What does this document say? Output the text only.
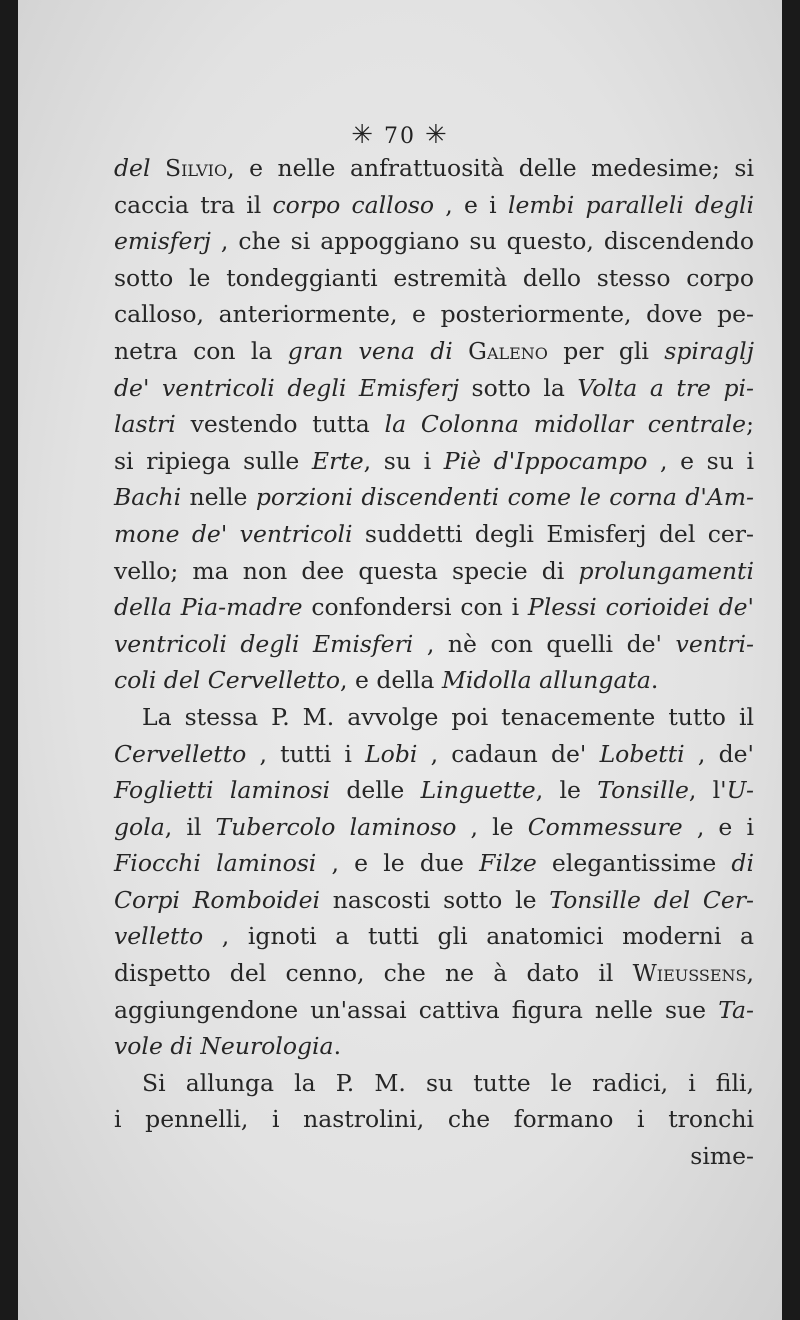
✳ 70 ✳
del Silvio, e nelle anfrattuosità delle medesime; si
caccia tra il corpo calloso , e i lembi paralleli degli
emisferj , che si appoggiano su questo, discendendo
sotto le tondeggianti estremità dello stesso corpo
calloso, anteriormente, e posteriormente, dove pe-
netra con la gran vena di Galeno per gli spiraglj
de' ventricoli degli Emisferj sotto la Volta a tre pi-
lastri vestendo tutta la Colonna midollar centrale;
si ripiega sulle Erte, su i Piè d'Ippocampo , e su i
Bachi nelle porzioni discendenti come le corna d'Am-
mone de' ventricoli suddetti degli Emisferj del cer-
vello; ma non dee questa specie di prolungamenti
della Pia-madre confondersi con i Plessi corioidei de'
ventricoli degli Emisferi , nè con quelli de' ventri-
coli del Cervelletto, e della Midolla allungata.
La stessa P. M. avvolge poi tenacemente tutto il
Cervelletto , tutti i Lobi , cadaun de' Lobetti , de'
Foglietti laminosi delle Linguette, le Tonsille, l'U-
gola, il Tubercolo laminoso , le Commessure , e i
Fiocchi laminosi , e le due Filze elegantissime di
Corpi Romboidei nascosti sotto le Tonsille del Cer-
velletto , ignoti a tutti gli anatomici moderni a
dispetto del cenno, che ne à dato il Wieussens,
aggiungendone un'assai cattiva figura nelle sue Ta-
vole di Neurologia.
Si allunga la P. M. su tutte le radici, i fili,
i pennelli, i nastrolini, che formano i tronchi
sime-
